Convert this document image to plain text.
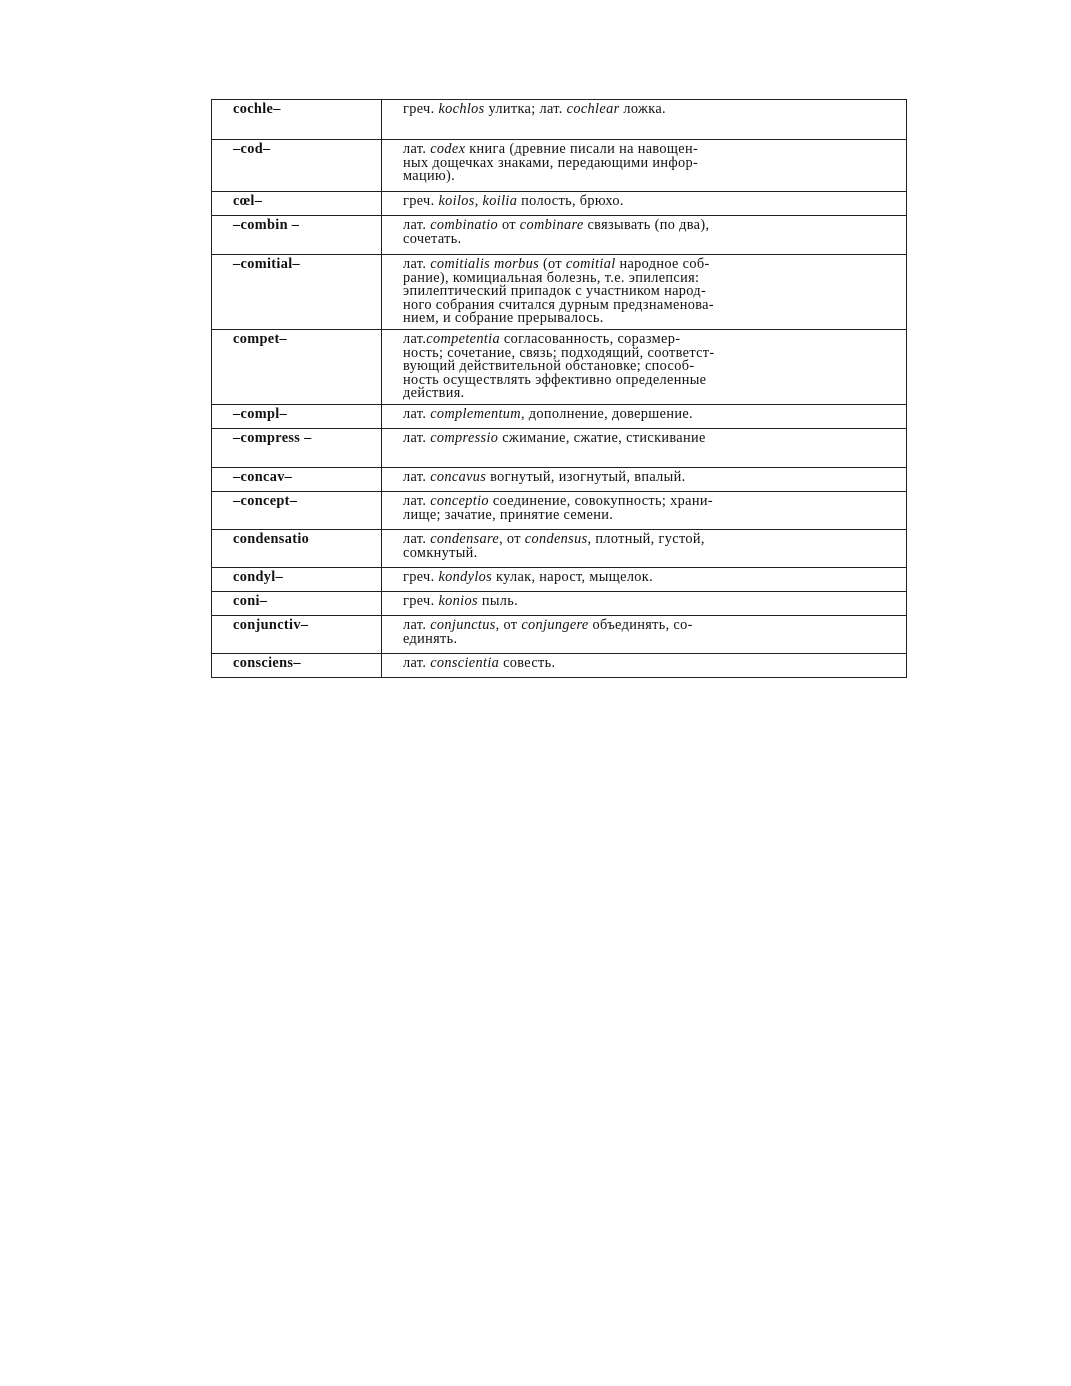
cochle–	греч. kochlos улитка; лат. cochlear ложка.
–cod–	лат. codex книга (древние писали на навощен-
ных дощечках знаками, передающими инфор-
мацию).
cœl–	греч. koilos, koilia полость, брюхо.
–combin –	лат. combinatio от combinare связывать (по два),
сочетать.
–comitial–	лат. comitialis morbus (от comitial народное соб-
рание), комициальная болезнь, т.е. эпилепсия:
эпилептический припадок с участником народ-
ного собрания считался дурным предзнаменова-
нием, и собрание прерывалось.
compet–	лат.competentia согласованность, соразмер-
ность; сочетание, связь; подходящий, соответст-
вующий действительной обстановке; способ-
ность осуществлять эффективно определенные
действия.
–compl–	лат. complementum, дополнение, довершение.
–compress –	лат. compressio сжимание, сжатие, стискивание
–concav–	лат. concavus вогнутый, изогнутый, впалый.
–concept–	лат. conceptio соединение, совокупность; храни-
лище; зачатие, принятие семени.
condensatio	лат. condensare, от condensus, плотный, густой,
сомкнутый.
condyl–	греч. kondylos кулак, нарост, мыщелок.
coni–	греч. konios пыль.
conjunctiv–	лат. conjunctus, от conjungere объединять, со-
единять.
consciens–	лат. conscientia совесть.
